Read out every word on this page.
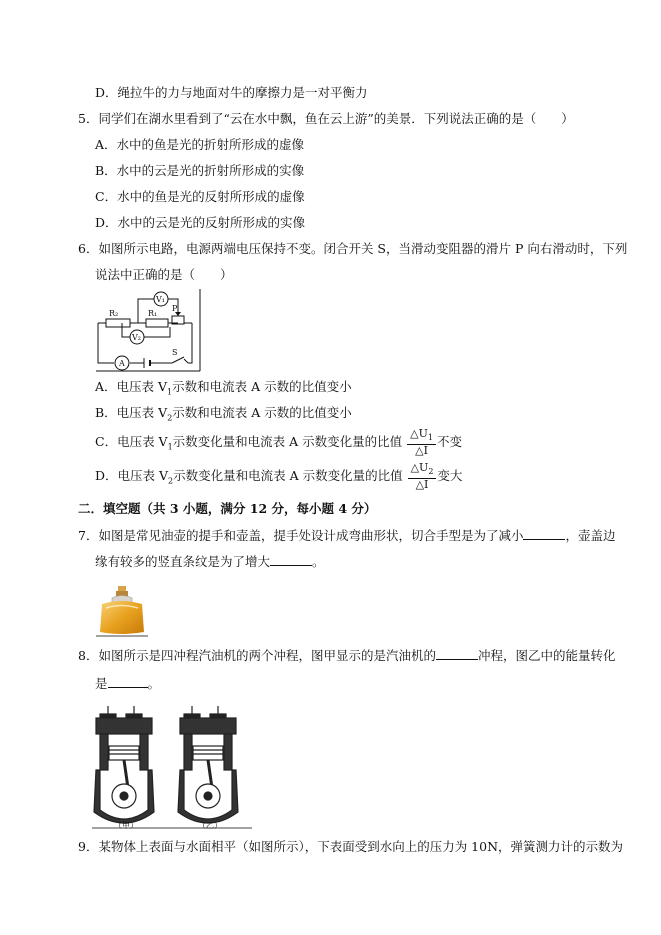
D．绳拉牛的力与地面对牛的摩擦力是一对平衡力
5．同学们在湖水里看到了“云在水中飘，鱼在云上游”的美景．下列说法正确的是（　　）
A．水中的鱼是光的折射所形成的虚像
B．水中的云是光的折射所形成的实像
C．水中的鱼是光的反射所形成的虚像
D．水中的云是光的反射所形成的实像
6．如图所示电路，电源两端电压保持不变。闭合开关 S，当滑动变阻器的滑片 P 向右滑动时，下列
说法中正确的是（　　）
R₂	R₁
V₁
V₂
P
A
S
A．电压表 $V_1$示数和电流表 A 示数的比值变小
B．电压表 $V_2$示数和电流表 A 示数的比值变小
C．电压表 $V_1$示数变化量和电流表 A 示数变化量的比值 $\frac{\triangle U_1}{\triangle I}$ 不变
D．电压表 $V_2$示数变化量和电流表 A 示数变化量的比值 $\frac{\triangle U_2}{\triangle I}$ 变大
二．填空题（共 3 小题，满分 12 分，每小题 4 分）
7．如图是常见油壶的提手和壶盖，提手处设计成弯曲形状，切合手型是为了减小	，壶盖边
缘有较多的竖直条纹是为了增大	。
8．如图所示是四冲程汽油机的两个冲程，图甲显示的是汽油机的	冲程，图乙中的能量转化
是	。
（甲）	（乙）
9．某物体上表面与水面相平（如图所示），下表面受到水向上的压力为 10N，弹簧测力计的示数为
